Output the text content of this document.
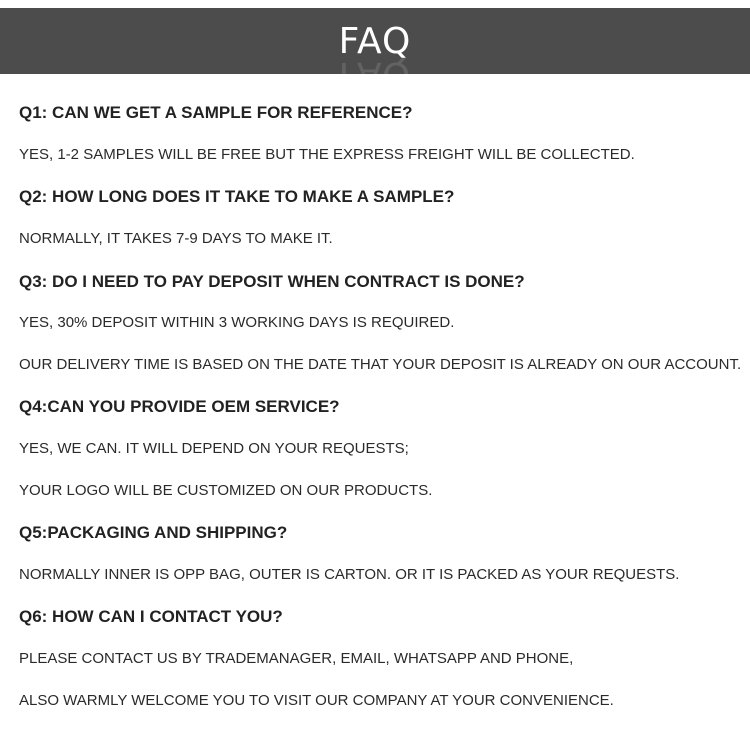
FAQ
FAQ
Q1: CAN WE GET A SAMPLE FOR REFERENCE?
YES, 1-2 SAMPLES WILL BE FREE BUT THE EXPRESS FREIGHT WILL BE COLLECTED.
Q2: HOW LONG DOES IT TAKE TO MAKE A SAMPLE?
NORMALLY, IT TAKES 7-9 DAYS TO MAKE IT.
Q3: DO I NEED TO PAY DEPOSIT WHEN CONTRACT IS DONE?
YES, 30% DEPOSIT WITHIN 3 WORKING DAYS IS REQUIRED.
OUR DELIVERY TIME IS BASED ON THE DATE THAT YOUR DEPOSIT IS ALREADY ON OUR ACCOUNT.
Q4:CAN YOU PROVIDE OEM SERVICE?
YES, WE CAN. IT WILL DEPEND ON YOUR REQUESTS;
YOUR LOGO WILL BE CUSTOMIZED ON OUR PRODUCTS.
Q5:PACKAGING AND SHIPPING?
NORMALLY INNER IS OPP BAG, OUTER IS CARTON. OR IT IS PACKED AS YOUR REQUESTS.
Q6: HOW CAN I CONTACT YOU?
PLEASE CONTACT US BY TRADEMANAGER, EMAIL, WHATSAPP AND PHONE,
ALSO WARMLY WELCOME YOU TO VISIT OUR COMPANY AT YOUR CONVENIENCE.
